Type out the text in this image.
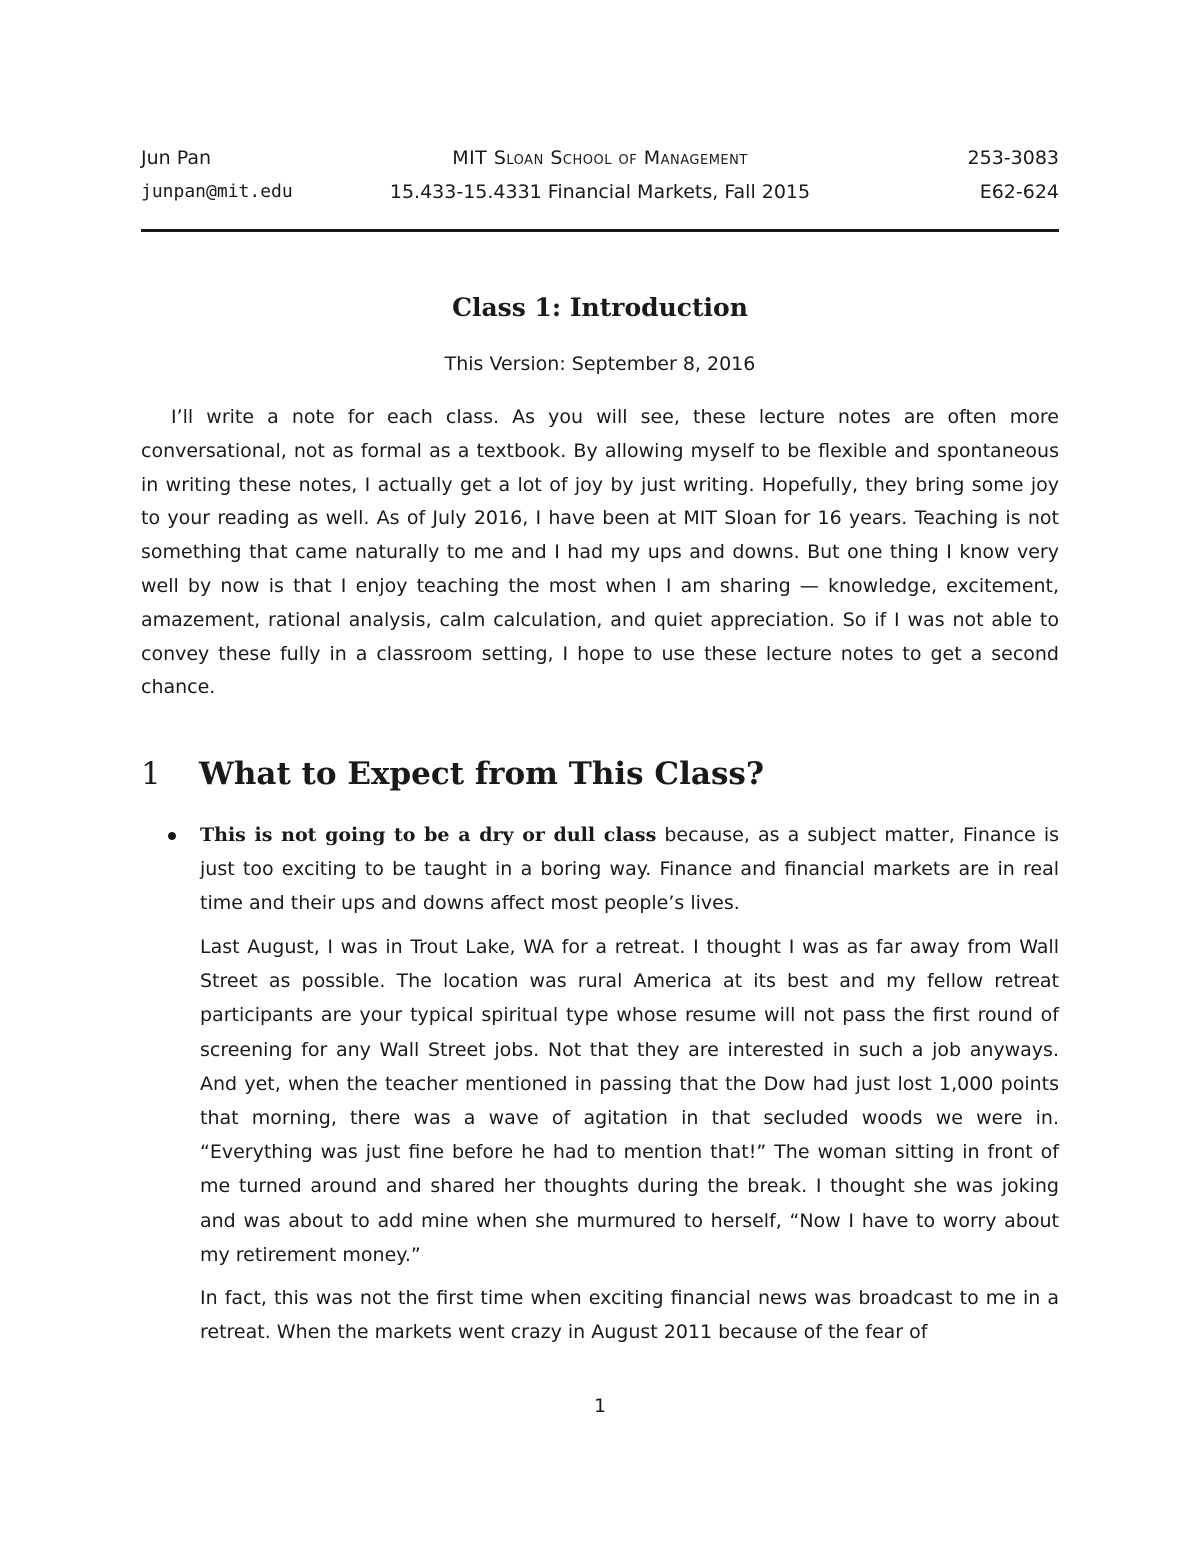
Jun Pan	MIT Sloan School of Management	253-3083
junpan@mit.edu	15.433-15.4331 Financial Markets, Fall 2015	E62-624
Class 1: Introduction
This Version: September 8, 2016

I’ll write a note for each class. As you will see, these lecture notes are often more conversational, not as formal as a textbook. By allowing myself to be flexible and spontaneous in writing these notes, I actually get a lot of joy by just writing. Hopefully, they bring some joy to your reading as well. As of July 2016, I have been at MIT Sloan for 16 years. Teaching is not something that came naturally to me and I had my ups and downs. But one thing I know very well by now is that I enjoy teaching the most when I am sharing — knowledge, excitement, amazement, rational analysis, calm calculation, and quiet appreciation. So if I was not able to convey these fully in a classroom setting, I hope to use these lecture notes to get a second chance.

1 What to Expect from This Class?

This is not going to be a dry or dull class because, as a subject matter, Finance is just too exciting to be taught in a boring way. Finance and financial markets are in real time and their ups and downs affect most people’s lives.

Last August, I was in Trout Lake, WA for a retreat. I thought I was as far away from Wall Street as possible. The location was rural America at its best and my fellow retreat participants are your typical spiritual type whose resume will not pass the first round of screening for any Wall Street jobs. Not that they are interested in such a job anyways. And yet, when the teacher mentioned in passing that the Dow had just lost 1,000 points that morning, there was a wave of agitation in that secluded woods we were in. “Everything was just fine before he had to mention that!” The woman sitting in front of me turned around and shared her thoughts during the break. I thought she was joking and was about to add mine when she murmured to herself, “Now I have to worry about my retirement money.”

In fact, this was not the first time when exciting financial news was broadcast to me in a retreat. When the markets went crazy in August 2011 because of the fear of

1
